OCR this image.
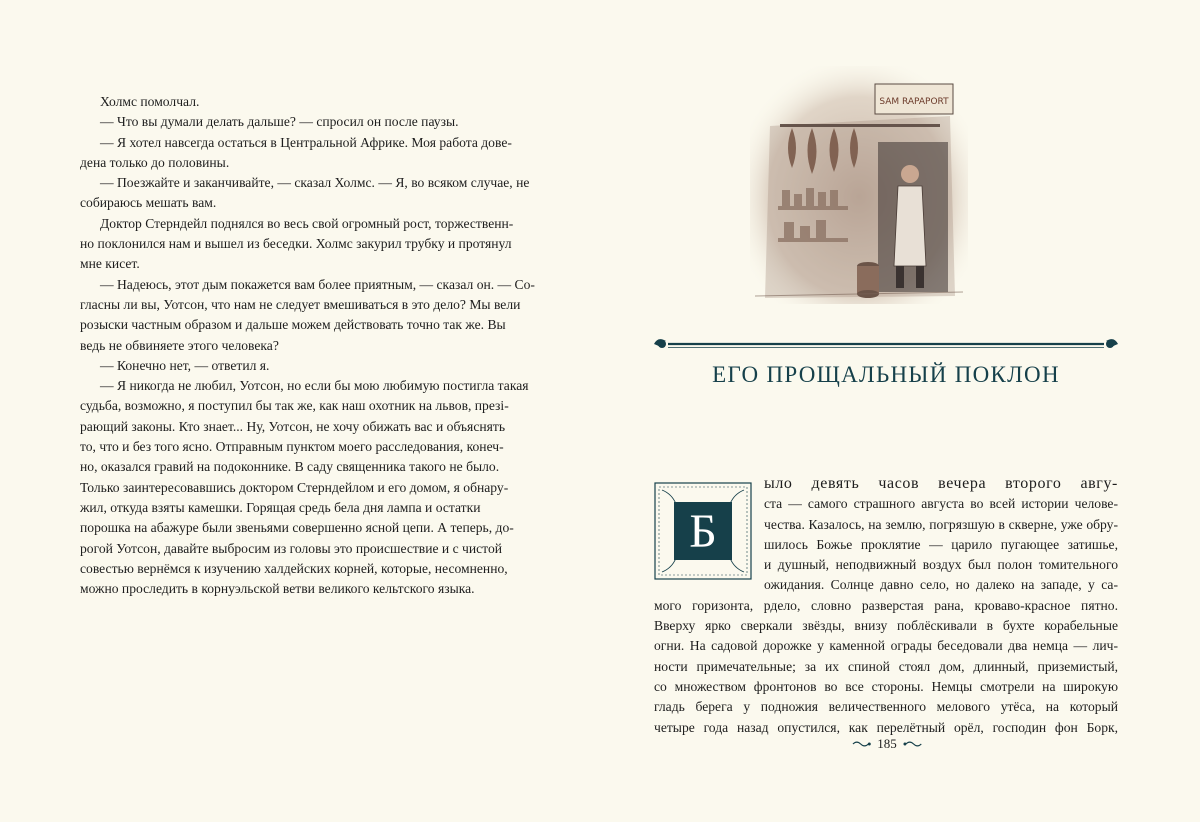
Холмс помолчал.

— Что вы думали делать дальше? — спросил он после паузы.

— Я хотел навсегда остаться в Центральной Африке. Моя работа дове-

дена только до половины.

— Поезжайте и заканчивайте, — сказал Холмс. — Я, во всяком случае, не

собираюсь мешать вам.

Доктор Стерндейл поднялся во весь свой огромный рост, торжественн-

но поклонился нам и вышел из беседки. Холмс закурил трубку и протянул

мне кисет.

— Надеюсь, этот дым покажется вам более приятным, — сказал он. — Со-

гласны ли вы, Уотсон, что нам не следует вмешиваться в это дело? Мы вели

розыски частным образом и дальше можем действовать точно так же. Вы

ведь не обвиняете этого человека?

— Конечно нет, — ответил я.

— Я никогда не любил, Уотсон, но если бы мою любимую постигла такая

судьба, возможно, я поступил бы так же, как наш охотник на львов, презі-

рающий законы. Кто знает... Ну, Уотсон, не хочу обижать вас и объяснять

то, что и без того ясно. Отправным пунктом моего расследования, конеч-

но, оказался гравий на подоконнике. В саду священника такого не было.

Только заинтересовавшись доктором Стерндейлом и его домом, я обнару-

жил, откуда взяты камешки. Горящая средь бела дня лампа и остатки

порошка на абажуре были звеньями совершенно ясной цепи. А теперь, до-

рогой Уотсон, давайте выбросим из головы это происшествие и с чистой

совестью вернёмся к изучению халдейских корней, которые, несомненно,

можно проследить в корнуэльской ветви великого кельтского языка.

SAM RAPAPORT
ЕГО ПРОЩАЛЬНЫЙ ПОКЛОН
Б
ыло девять часов вечера второго авгу-
ста — самого страшного августа во всей истории челове-
чества. Казалось, на землю, погрязшую в скверне, уже обру-
шилось Божье проклятие — царило пугающее затишье,
и душный, неподвижный воздух был полон томительного
ожидания. Солнце давно село, но далеко на западе, у са-
мого горизонта, рдело, словно разверстая рана, кроваво-красное пятно.
Вверху ярко сверкали звёзды, внизу поблёскивали в бухте корабельные
огни. На садовой дорожке у каменной ограды беседовали два немца — лич-
ности примечательные; за их спиной стоял дом, длинный, приземистый,
со множеством фронтонов во все стороны. Немцы смотрели на широкую
гладь берега у подножия величественного мелового утёса, на который
четыре года назад опустился, как перелётный орёл, господин фон Борк,
185
